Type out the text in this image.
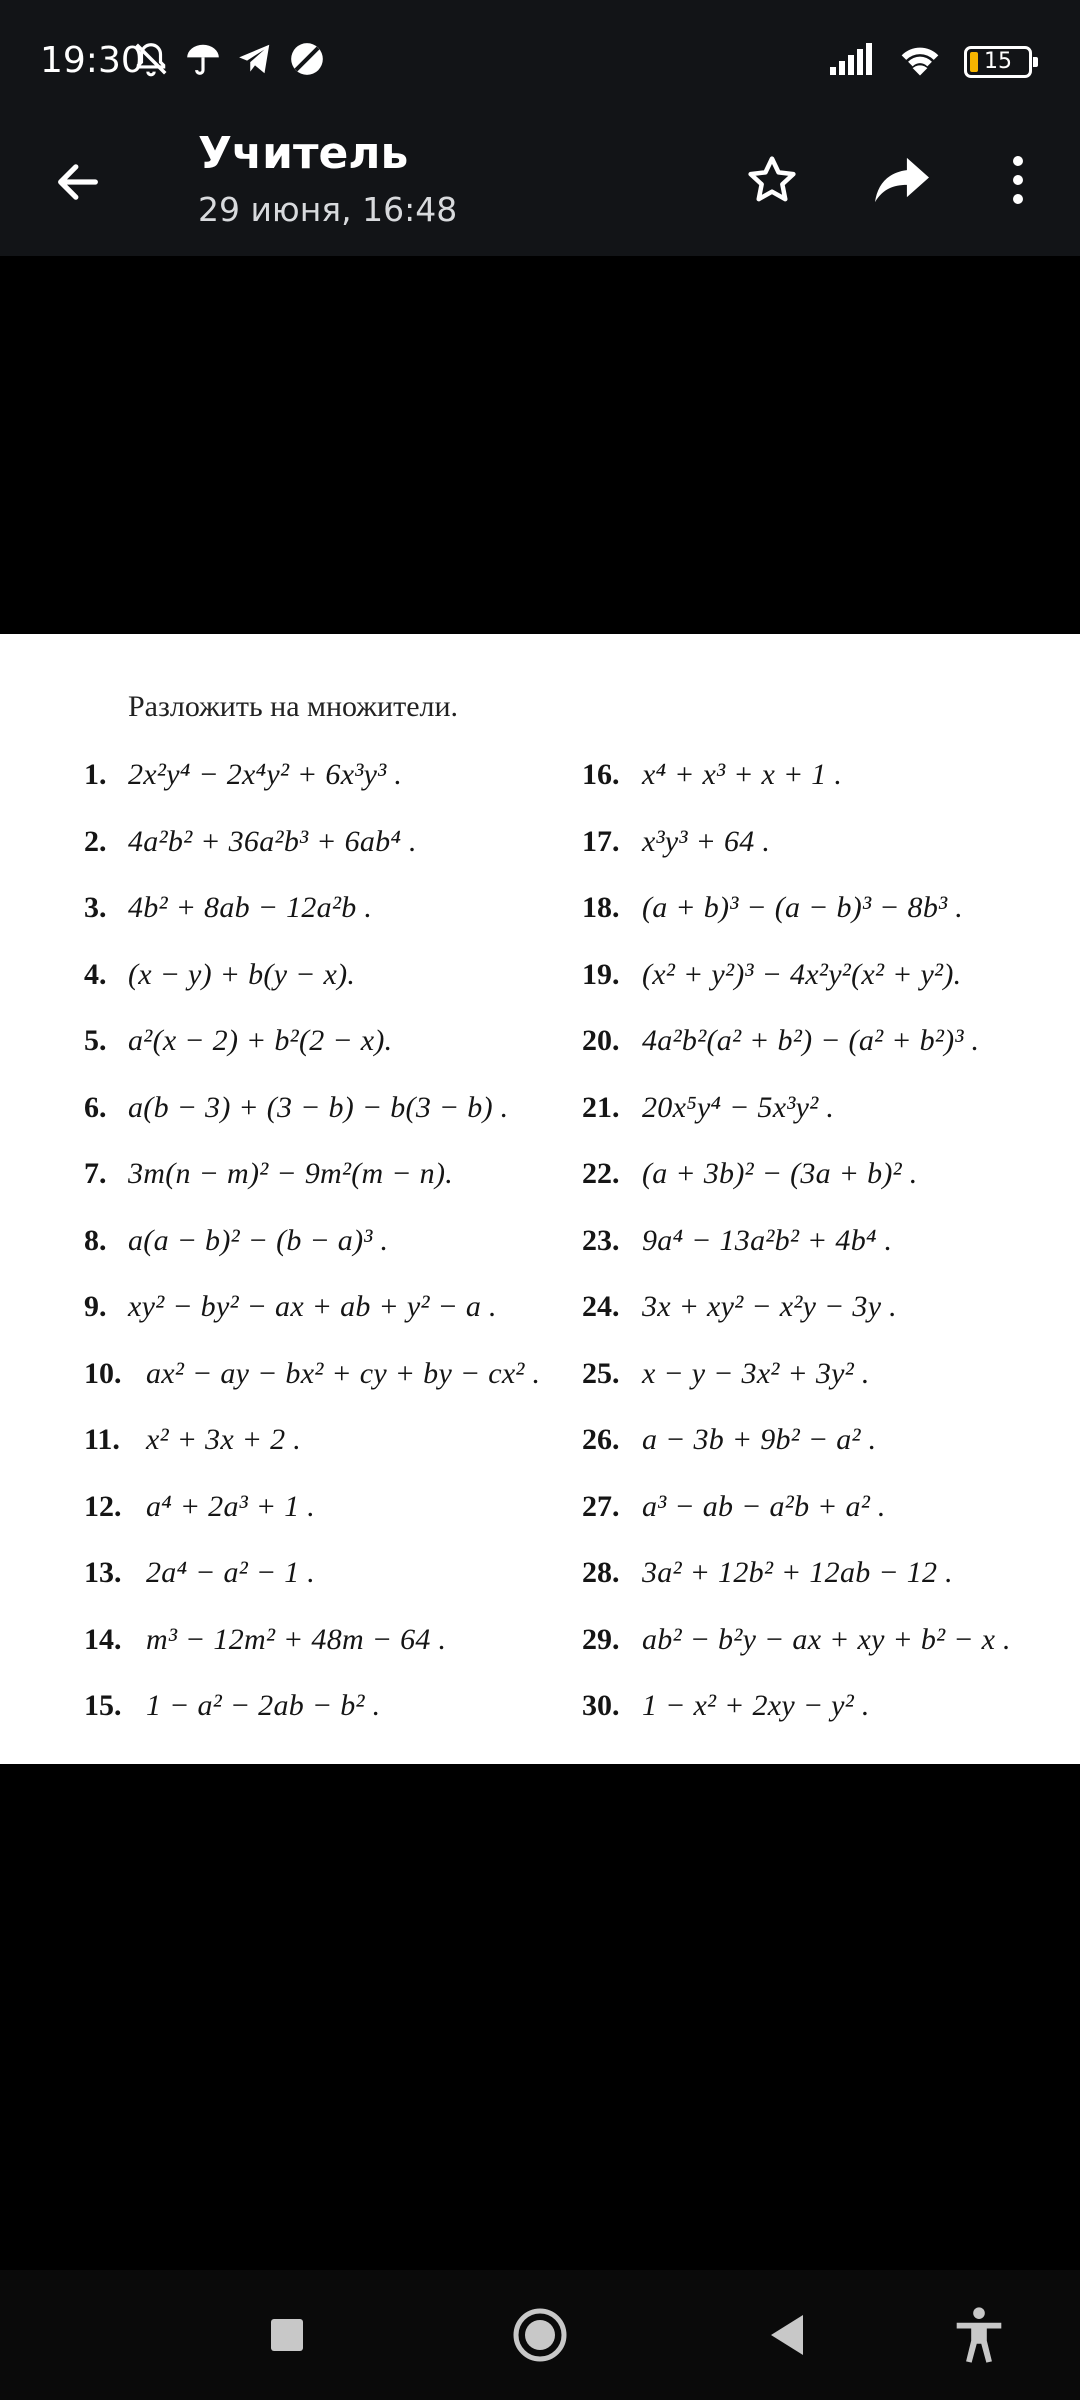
19:30	15
Учитель
29 июня, 16:48
Разложить на множители.
1. 2x²y⁴ − 2x⁴y² + 6x³y³ .
2. 4a²b² + 36a²b³ + 6ab⁴ .
3. 4b² + 8ab − 12a²b .
4. (x − y) + b(y − x).
5. a²(x − 2) + b²(2 − x).
6. a(b − 3) + (3 − b) − b(3 − b) .
7. 3m(n − m)² − 9m²(m − n).
8. a(a − b)² − (b − a)³ .
9. xy² − by² − ax + ab + y² − a .
10. ax² − ay − bx² + cy + by − cx² .
11. x² + 3x + 2 .
12. a⁴ + 2a³ + 1 .
13. 2a⁴ − a² − 1 .
14. m³ − 12m² + 48m − 64 .
15. 1 − a² − 2ab − b² .
16. x⁴ + x³ + x + 1 .
17. x³y³ + 64 .
18. (a + b)³ − (a − b)³ − 8b³ .
19. (x² + y²)³ − 4x²y²(x² + y²).
20. 4a²b²(a² + b²) − (a² + b²)³ .
21. 20x⁵y⁴ − 5x³y² .
22. (a + 3b)² − (3a + b)² .
23. 9a⁴ − 13a²b² + 4b⁴ .
24. 3x + xy² − x²y − 3y .
25. x − y − 3x² + 3y² .
26. a − 3b + 9b² − a² .
27. a³ − ab − a²b + a² .
28. 3a² + 12b² + 12ab − 12 .
29. ab² − b²y − ax + xy + b² − x .
30. 1 − x² + 2xy − y² .
